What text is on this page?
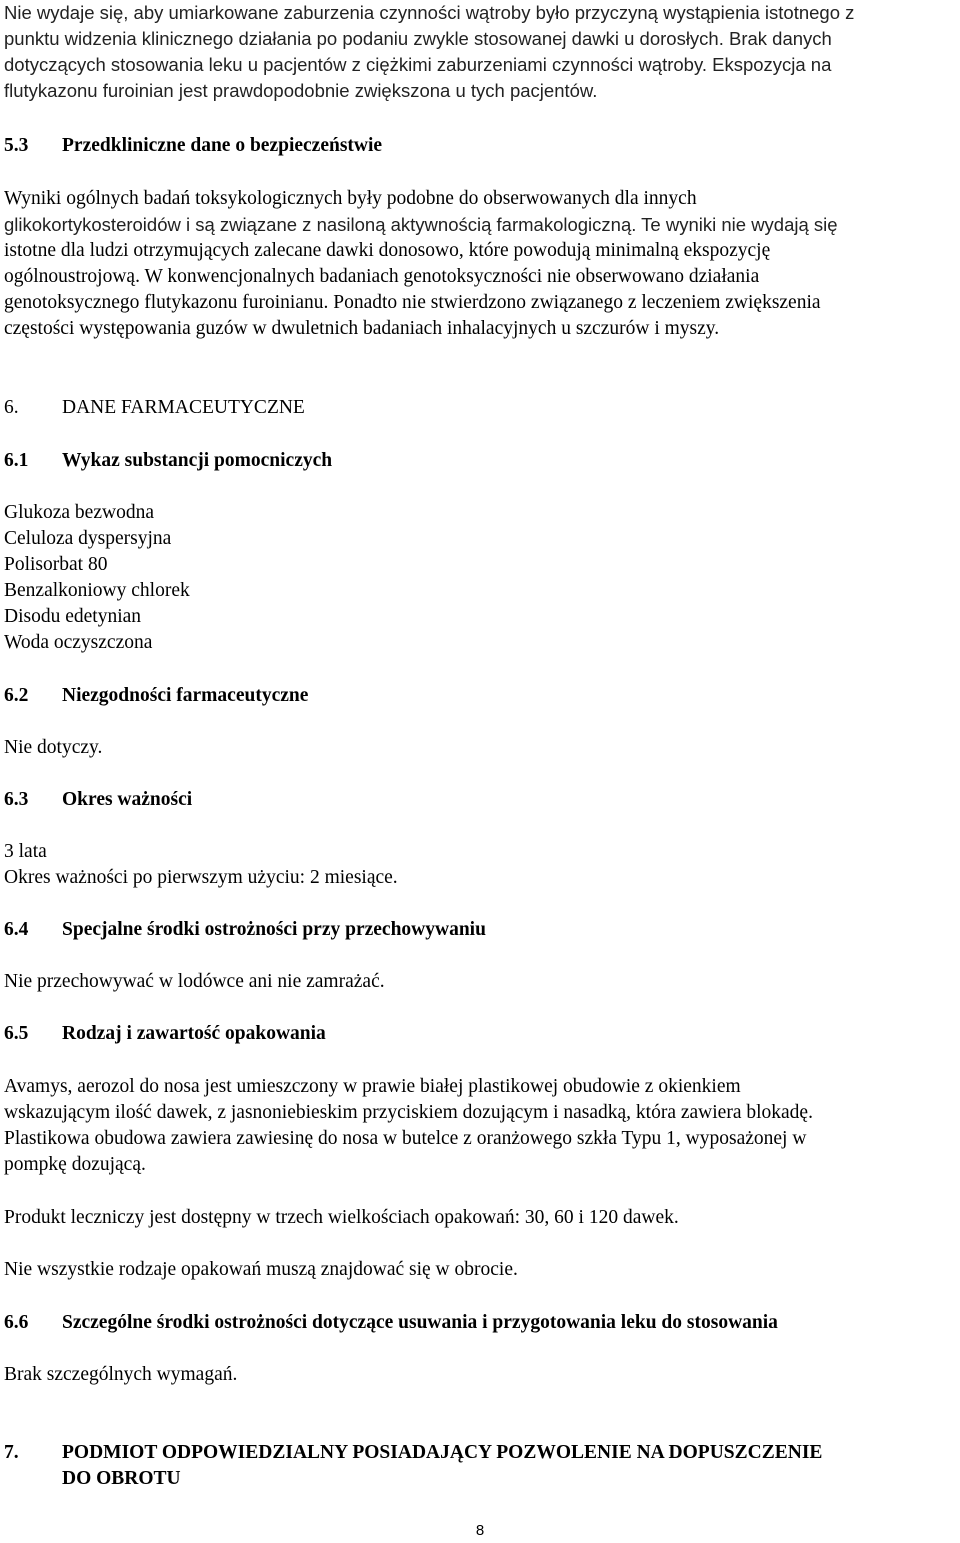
Nie wydaje się, aby umiarkowane zaburzenia czynności wątroby było przyczyną wystąpienia istotnego z
punktu widzenia klinicznego działania po podaniu zwykle stosowanej dawki u dorosłych. Brak danych
dotyczących stosowania leku u pacjentów z ciężkimi zaburzeniami czynności wątroby. Ekspozycja na
flutykazonu furoinian jest prawdopodobnie zwiększona u tych pacjentów.
5.3 Przedkliniczne dane o bezpieczeństwie
Wyniki ogólnych badań toksykologicznych były podobne do obserwowanych dla innych
glikokortykosteroidów i są związane z nasiloną aktywnością farmakologiczną. Te wyniki nie wydają się
istotne dla ludzi otrzymujących zalecane dawki donosowo, które powodują minimalną ekspozycję
ogólnoustrojową. W konwencjonalnych badaniach genotoksyczności nie obserwowano działania
genotoksycznego flutykazonu furoinianu. Ponadto nie stwierdzono związanego z leczeniem zwiększenia
częstości występowania guzów w dwuletnich badaniach inhalacyjnych u szczurów i myszy.
6. DANE FARMACEUTYCZNE
6.1 Wykaz substancji pomocniczych
Glukoza bezwodna
Celuloza dyspersyjna
Polisorbat 80
Benzalkoniowy chlorek
Disodu edetynian
Woda oczyszczona
6.2 Niezgodności farmaceutyczne
Nie dotyczy.
6.3 Okres ważności
3 lata
Okres ważności po pierwszym użyciu: 2 miesiące.
6.4 Specjalne środki ostrożności przy przechowywaniu
Nie przechowywać w lodówce ani nie zamrażać.
6.5 Rodzaj i zawartość opakowania
Avamys, aerozol do nosa jest umieszczony w prawie białej plastikowej obudowie z okienkiem
wskazującym ilość dawek, z jasnoniebieskim przyciskiem dozującym i nasadką, która zawiera blokadę.
Plastikowa obudowa zawiera zawiesinę do nosa w butelce z oranżowego szkła Typu 1, wyposażonej w
pompkę dozującą.
Produkt leczniczy jest dostępny w trzech wielkościach opakowań: 30, 60 i 120 dawek.
Nie wszystkie rodzaje opakowań muszą znajdować się w obrocie.
6.6 Szczególne środki ostrożności dotyczące usuwania i przygotowania leku do stosowania
Brak szczególnych wymagań.
7. PODMIOT ODPOWIEDZIALNY POSIADAJĄCY POZWOLENIE NA DOPUSZCZENIE
DO OBROTU
8
